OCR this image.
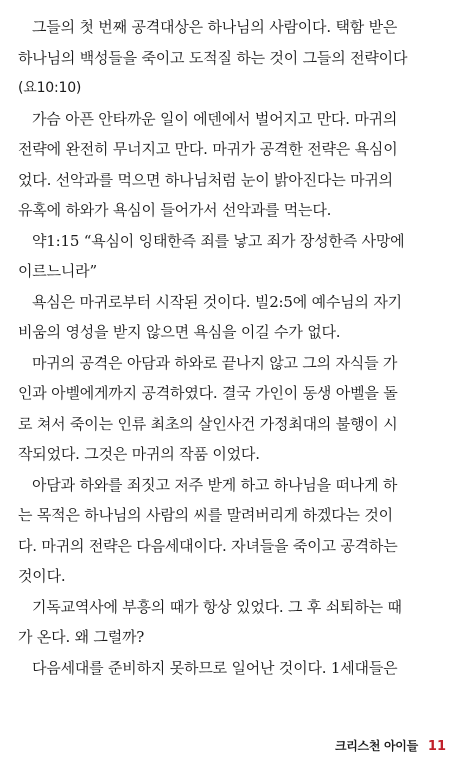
그들의 첫 번째 공격대상은 하나님의 사람이다. 택함 받은
하나님의 백성들을 죽이고 도적질 하는 것이 그들의 전략이다
(요10:10)
가슴 아픈 안타까운 일이 에덴에서 벌어지고 만다. 마귀의
전략에 완전히 무너지고 만다. 마귀가 공격한 전략은 욕심이
었다. 선악과를 먹으면 하나님처럼 눈이 밝아진다는 마귀의
유혹에 하와가 욕심이 들어가서 선악과를 먹는다.
약1:15 “욕심이 잉태한즉 죄를 낳고 죄가 장성한즉 사망에
이르느니라”
욕심은 마귀로부터 시작된 것이다. 빌2:5에 예수님의 자기
비움의 영성을 받지 않으면 욕심을 이길 수가 없다.
마귀의 공격은 아담과 하와로 끝나지 않고 그의 자식들 가
인과 아벨에게까지 공격하였다. 결국 가인이 동생 아벨을 돌
로 쳐서 죽이는 인류 최초의 살인사건 가정최대의 불행이 시
작되었다. 그것은 마귀의 작품 이었다.
아담과 하와를 죄짓고 저주 받게 하고 하나님을 떠나게 하
는 목적은 하나님의 사람의 씨를 말려버리게 하겠다는 것이
다. 마귀의 전략은 다음세대이다. 자녀들을 죽이고 공격하는
것이다.
기독교역사에 부흥의 때가 항상 있었다. 그 후 쇠퇴하는 때
가 온다. 왜 그럴까?
다음세대를 준비하지 못하므로 일어난 것이다. 1세대들은
크리스천 아이들 11
